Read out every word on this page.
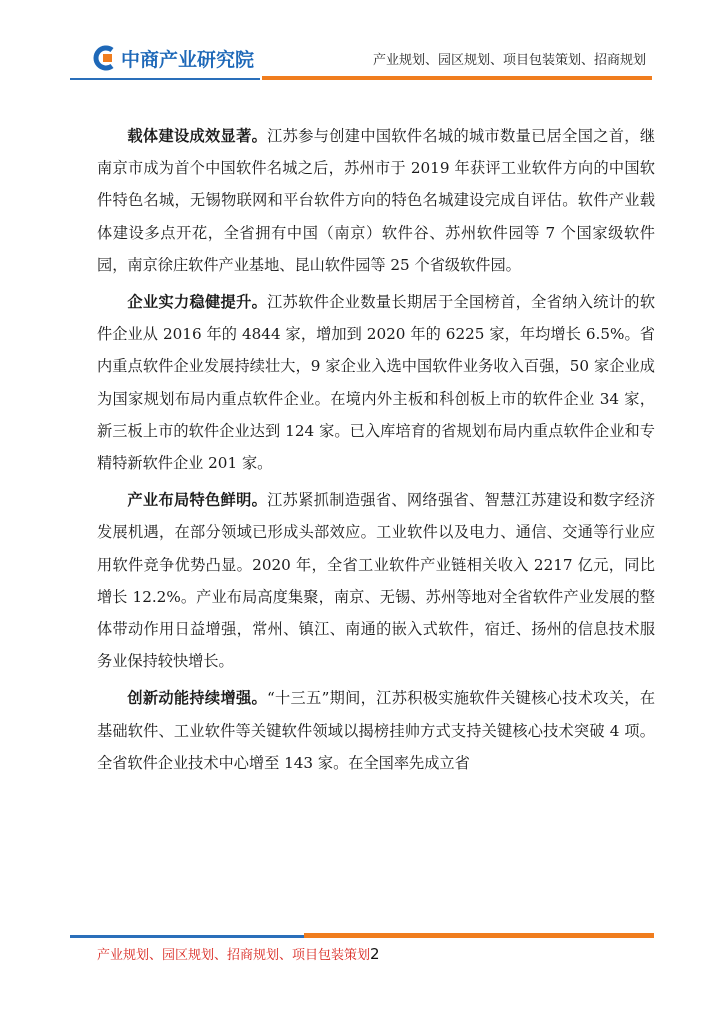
中商产业研究院	产业规划、园区规划、项目包装策划、招商规划

载体建设成效显著。江苏参与创建中国软件名城的城市数量已居全国之首，继南京市成为首个中国软件名城之后，苏州市于 2019 年获评工业软件方向的中国软件特色名城，无锡物联网和平台软件方向的特色名城建设完成自评估。软件产业载体建设多点开花，全省拥有中国（南京）软件谷、苏州软件园等 7 个国家级软件园，南京徐庄软件产业基地、昆山软件园等 25 个省级软件园。

企业实力稳健提升。江苏软件企业数量长期居于全国榜首，全省纳入统计的软件企业从 2016 年的 4844 家，增加到 2020 年的 6225 家，年均增长 6.5%。省内重点软件企业发展持续壮大，9 家企业入选中国软件业务收入百强，50 家企业成为国家规划布局内重点软件企业。在境内外主板和科创板上市的软件企业 34 家，新三板上市的软件企业达到 124 家。已入库培育的省规划布局内重点软件企业和专精特新软件企业 201 家。

产业布局特色鲜明。江苏紧抓制造强省、网络强省、智慧江苏建设和数字经济发展机遇，在部分领域已形成头部效应。工业软件以及电力、通信、交通等行业应用软件竞争优势凸显。2020 年，全省工业软件产业链相关收入 2217 亿元，同比增长 12.2%。产业布局高度集聚，南京、无锡、苏州等地对全省软件产业发展的整体带动作用日益增强，常州、镇江、南通的嵌入式软件，宿迁、扬州的信息技术服务业保持较快增长。

创新动能持续增强。“十三五”期间，江苏积极实施软件关键核心技术攻关，在基础软件、工业软件等关键软件领域以揭榜挂帅方式支持关键核心技术突破 4 项。全省软件企业技术中心增至 143 家。在全国率先成立省

产业规划、园区规划、招商规划、项目包装策划2
